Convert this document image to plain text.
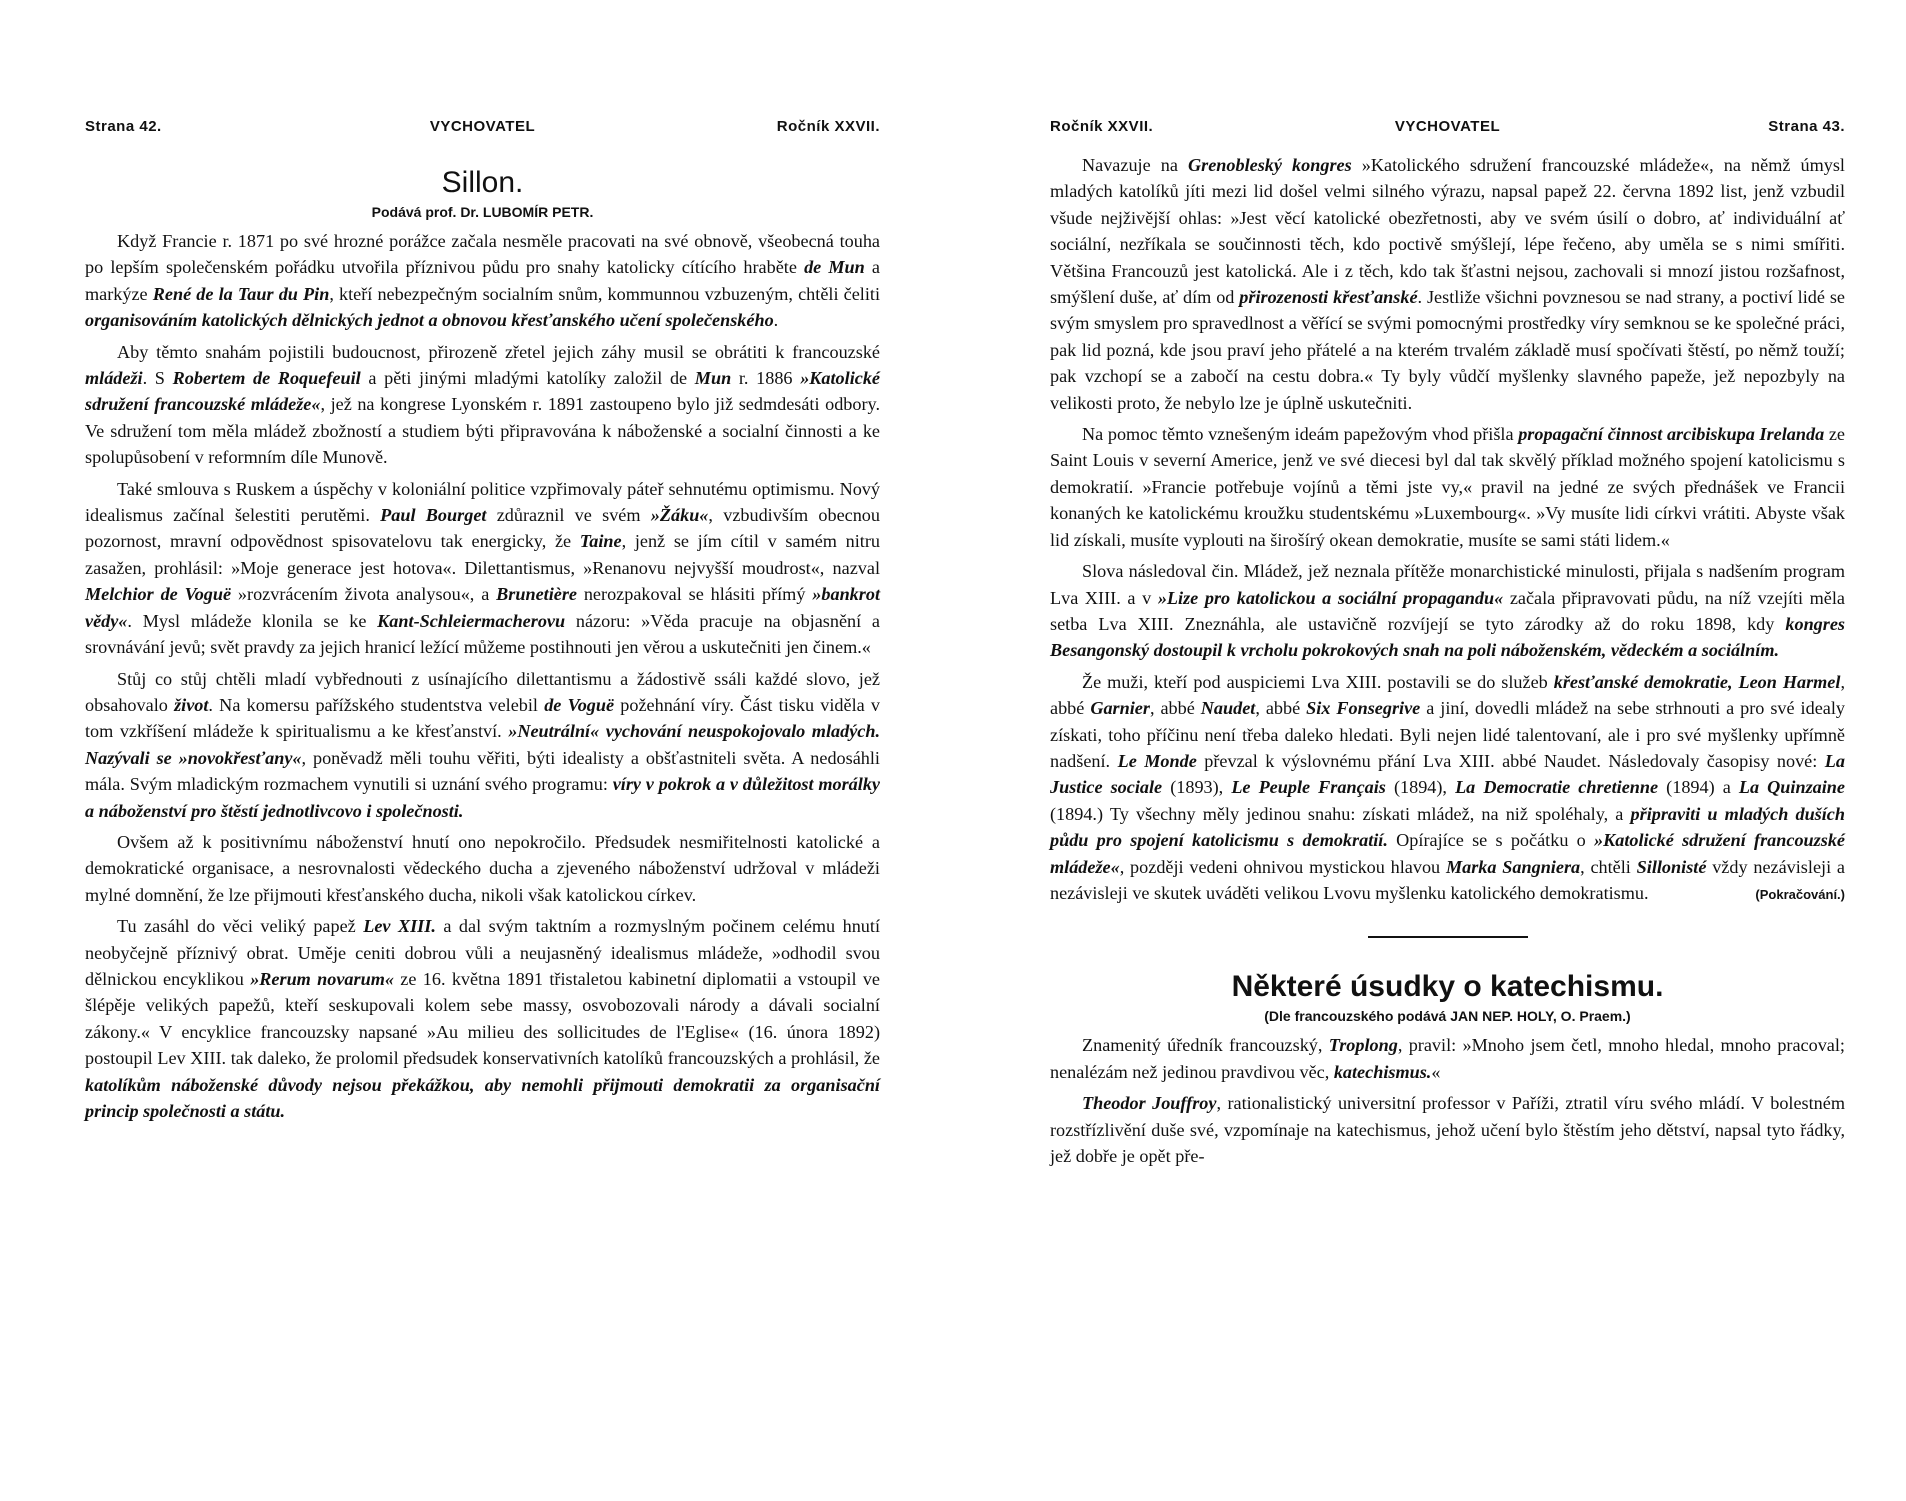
Strana 42.	VYCHOVATEL	Ročník XXVII.
Sillon.
Podává prof. Dr. LUBOMÍR PETR.

Když Francie r. 1871 po své hrozné porážce začala nesměle pracovati na své obnově, všeobecná touha po lepším společenském pořádku utvořila příznivou půdu pro snahy katolicky cítícího hraběte de Mun a markýze René de la Taur du Pin, kteří nebezpečným socialním snům, kommunnou vzbuzeným, chtěli čeliti organisováním katolických dělnických jednot a obnovou křesťanského učení společenského.

Aby těmto snahám pojistili budoucnost, přirozeně zřetel jejich záhy musil se obrátiti k francouzské mládeži. S Robertem de Roquefeuil a pěti jinými mladými katolíky založil de Mun r. 1886 »Katolické sdružení francouzské mládeže«, jež na kongrese Lyonském r. 1891 zastoupeno bylo již sedmdesáti odbory. Ve sdružení tom měla mládež zbožností a studiem býti připravována k náboženské a socialní činnosti a ke spolupůsobení v reformním díle Munově.

Také smlouva s Ruskem a úspěchy v koloniální politice vzpřimovaly páteř sehnutému optimismu. Nový idealismus začínal šelestiti perutěmi. Paul Bourget zdůraznil ve svém »Žáku«, vzbudivším obecnou pozornost, mravní odpovědnost spisovatelovu tak energicky, že Taine, jenž se jím cítil v samém nitru zasažen, prohlásil: »Moje generace jest hotova«. Dilettantismus, »Renanovu nejvyšší moudrost«, nazval Melchior de Voguë »rozvrácením života analysou«, a Brunetière nerozpakoval se hlásiti přímý »bankrot vědy«. Mysl mládeže klonila se ke Kant-Schleiermacherovu názoru: »Věda pracuje na objasnění a srovnávání jevů; svět pravdy za jejich hranicí ležící můžeme postihnouti jen věrou a uskutečniti jen činem.«

Stůj co stůj chtěli mladí vybřednouti z usínajícího dilettantismu a žádostivě ssáli každé slovo, jež obsahovalo život. Na komersu pařížského studentstva velebil de Voguë požehnání víry. Část tisku viděla v tom vzkříšení mládeže k spiritualismu a ke křesťanství. »Neutrální« vychování neuspokojovalo mladých. Nazývali se »novokřesťany«, poněvadž měli touhu věřiti, býti idealisty a obšťastniteli světa. A nedosáhli mála. Svým mladickým rozmachem vynutili si uznání svého programu: víry v pokrok a v důležitost morálky a náboženství pro štěstí jednotlivcovo i společnosti.

Ovšem až k positivnímu náboženství hnutí ono nepokročilo. Předsudek nesmiřitelnosti katolické a demokratické organisace, a nesrovnalosti vědeckého ducha a zjeveného náboženství udržoval v mládeži mylné domnění, že lze přijmouti křesťanského ducha, nikoli však katolickou církev.

Tu zasáhl do věci veliký papež Lev XIII. a dal svým taktním a rozmyslným počinem celému hnutí neobyčejně příznivý obrat. Uměje ceniti dobrou vůli a neujasněný idealismus mládeže, »odhodil svou dělnickou encyklikou »Rerum novarum« ze 16. května 1891 třistaletou kabinetní diplomatii a vstoupil ve šlépěje velikých papežů, kteří seskupovali kolem sebe massy, osvobozovali národy a dávali socialní zákony.« V encyklice francouzsky napsané »Au milieu des sollicitudes de l'Eglise« (16. února 1892) postoupil Lev XIII. tak daleko, že prolomil předsudek konservativních katolíků francouzských a prohlásil, že katolíkům náboženské důvody nejsou překážkou, aby nemohli přijmouti demokratii za organisační princip společnosti a státu.

Ročník XXVII.	VYCHOVATEL	Strana 43.

Navazuje na Grenobleský kongres »Katolického sdružení francouzské mládeže«, na němž úmysl mladých katolíků jíti mezi lid došel velmi silného výrazu, napsal papež 22. června 1892 list, jenž vzbudil všude nejživější ohlas: »Jest věcí katolické obezřetnosti, aby ve svém úsilí o dobro, ať individuální ať sociální, nezříkala se součinnosti těch, kdo poctivě smýšlejí, lépe řečeno, aby uměla se s nimi smířiti. Většina Francouzů jest katolická. Ale i z těch, kdo tak šťastni nejsou, zachovali si mnozí jistou rozšafnost, smýšlení duše, ať dím od přirozenosti křesťanské. Jestliže všichni povznesou se nad strany, a poctiví lidé se svým smyslem pro spravedlnost a věřící se svými pomocnými prostředky víry semknou se ke společné práci, pak lid pozná, kde jsou praví jeho přátelé a na kterém trvalém základě musí spočívati štěstí, po němž touží; pak vzchopí se a zabočí na cestu dobra.« Ty byly vůdčí myšlenky slavného papeže, jež nepozbyly na velikosti proto, že nebylo lze je úplně uskutečniti.

Na pomoc těmto vznešeným ideám papežovým vhod přišla propagační činnost arcibiskupa Irelanda ze Saint Louis v severní Americe, jenž ve své diecesi byl dal tak skvělý příklad možného spojení katolicismu s demokratií. »Francie potřebuje vojínů a těmi jste vy,« pravil na jedné ze svých přednášek ve Francii konaných ke katolickému kroužku studentskému »Luxembourg«. »Vy musíte lidi církvi vrátiti. Abyste však lid získali, musíte vyplouti na širošírý okean demokratie, musíte se sami státi lidem.«

Slova následoval čin. Mládež, jež neznala přítěže monarchistické minulosti, přijala s nadšením program Lva XIII. a v »Lize pro katolickou a sociální propagandu« začala připravovati půdu, na níž vzejíti měla setba Lva XIII. Zneznáhla, ale ustavičně rozvíjejí se tyto zárodky až do roku 1898, kdy kongres Besangonský dostoupil k vrcholu pokrokových snah na poli náboženském, vědeckém a sociálním.

Že muži, kteří pod auspiciemi Lva XIII. postavili se do služeb křesťanské demokratie, Leon Harmel, abbé Garnier, abbé Naudet, abbé Six Fonsegrive a jiní, dovedli mládež na sebe strhnouti a pro své idealy získati, toho příčinu není třeba daleko hledati. Byli nejen lidé talentovaní, ale i pro své myšlenky upřímně nadšení. Le Monde převzal k výslovnému přání Lva XIII. abbé Naudet. Následovaly časopisy nové: La Justice sociale (1893), Le Peuple Français (1894), La Democratie chretienne (1894) a La Quinzaine (1894.) Ty všechny měly jedinou snahu: získati mládež, na niž spoléhaly, a připraviti u mladých duších půdu pro spojení katolicismu s demokratií. Opírajíce se s počátku o »Katolické sdružení francouzské mládeže«, později vedeni ohnivou mystickou hlavou Marka Sangniera, chtěli Sillonisté vždy nezávisleji a nezávisleji ve skutek uváděti velikou Lvovu myšlenku katolického demokratismu.	(Pokračování.)
Některé úsudky o katechismu.
(Dle francouzského podává JAN NEP. HOLY, O. Praem.)

Znamenitý úředník francouzský, Troplong, pravil: »Mnoho jsem četl, mnoho hledal, mnoho pracoval; nenalézám než jedinou pravdivou věc, katechismus.«

Theodor Jouffroy, rationalistický universitní professor v Paříži, ztratil víru svého mládí. V bolestném rozstřízlivění duše své, vzpomínaje na katechismus, jehož učení bylo štěstím jeho dětství, napsal tyto řádky, jež dobře je opět pře-
